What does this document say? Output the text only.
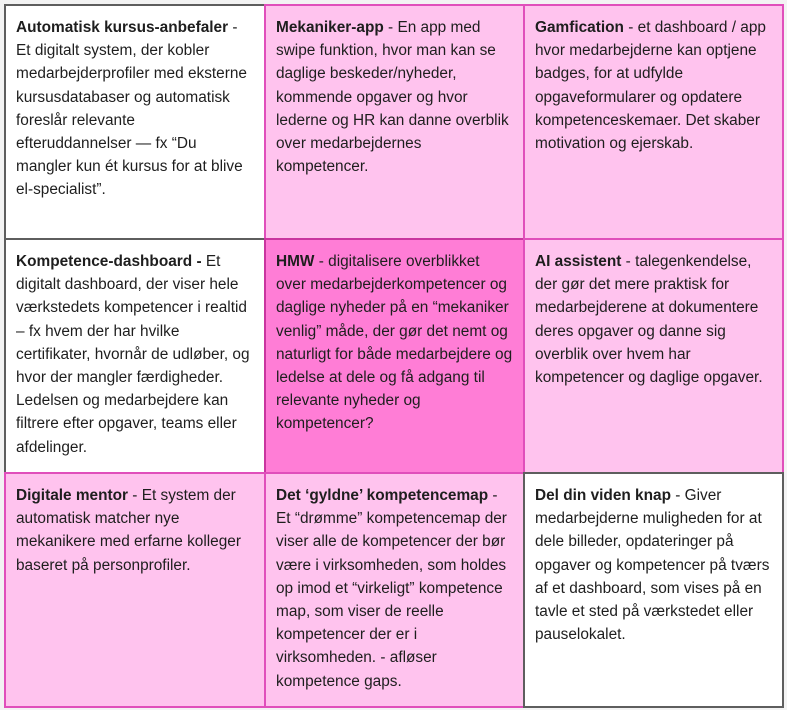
Automatisk kursus-anbefaler - Et digitalt system, der kobler medarbejderprofiler med eksterne kursusdatabaser og automatisk foreslår relevante efteruddannelser — fx “Du mangler kun ét kursus for at blive el-specialist”.
Mekaniker-app - En app med swipe funktion, hvor man kan se daglige beskeder/nyheder, kommende opgaver og hvor lederne og HR kan danne overblik over medarbejdernes kompetencer.
Gamfication - et dashboard / app hvor medarbejderne kan optjene badges, for at udfylde opgaveformularer og opdatere kompetenceskemaer. Det skaber motivation og ejerskab.
Kompetence-dashboard - Et digitalt dashboard, der viser hele værkstedets kompetencer i realtid – fx hvem der har hvilke certifikater, hvornår de udløber, og hvor der mangler færdigheder. Ledelsen og medarbejdere kan filtrere efter opgaver, teams eller afdelinger.
HMW - digitalisere overblikket over medarbejderkompetencer og daglige nyheder på en “mekaniker venlig” måde, der gør det nemt og naturligt for både medarbejdere og ledelse at dele og få adgang til relevante nyheder og kompetencer?
AI assistent - talegenkendelse, der gør det mere praktisk for medarbejderene at dokumentere deres opgaver og danne sig overblik over hvem har kompetencer og daglige opgaver.
Digitale mentor - Et system der automatisk matcher nye mekanikere med erfarne kolleger baseret på personprofiler.
Det ‘gyldne’ kompetencemap - Et “drømme” kompetencemap der viser alle de kompetencer der bør være i virksomheden, som holdes op imod et “virkeligt” kompetence map, som viser de reelle kompetencer der er i virksomheden. - afløser kompetence gaps.
Del din viden knap - Giver medarbejderne muligheden for at dele billeder, opdateringer på opgaver og kompetencer på tværs af et dashboard, som vises på en tavle et sted på værkstedet eller pauselokalet.
